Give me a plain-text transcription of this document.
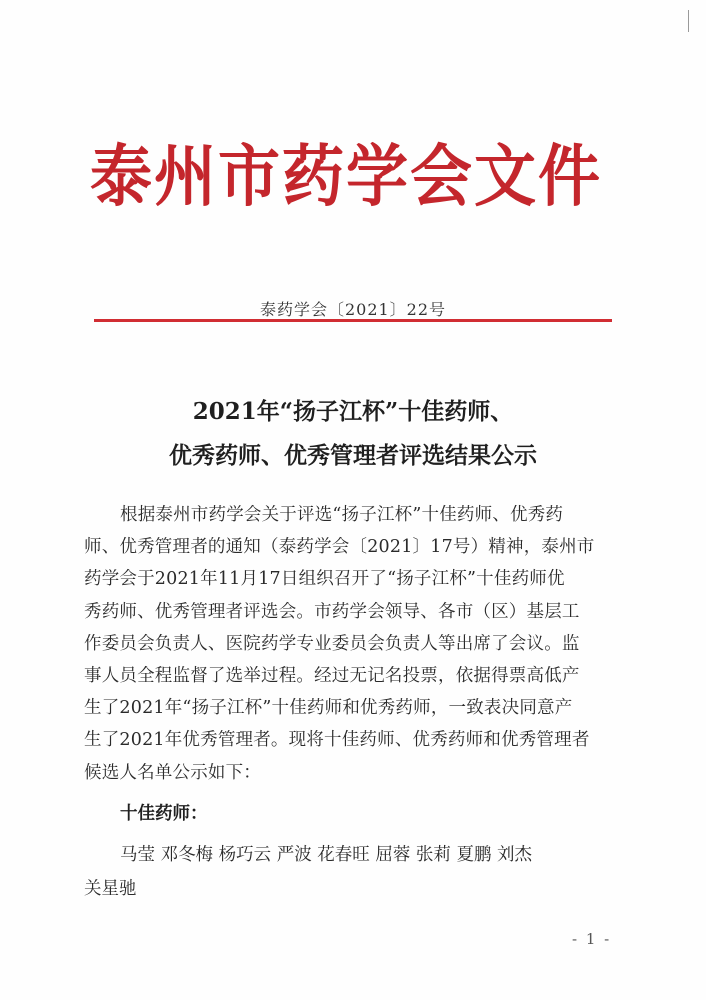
泰州市药学会文件
泰药学会〔2021〕22号
2021年“扬子江杯”十佳药师、
优秀药师、优秀管理者评选结果公示
根据泰州市药学会关于评选“扬子江杯”十佳药师、优秀药
师、优秀管理者的通知（泰药学会〔2021〕17号）精神，泰州市
药学会于2021年11月17日组织召开了“扬子江杯”十佳药师优
秀药师、优秀管理者评选会。市药学会领导、各市（区）基层工
作委员会负责人、医院药学专业委员会负责人等出席了会议。监
事人员全程监督了选举过程。经过无记名投票，依据得票高低产
生了2021年“扬子江杯”十佳药师和优秀药师，一致表决同意产
生了2021年优秀管理者。现将十佳药师、优秀药师和优秀管理者
候选人名单公示如下：
十佳药师：
马莹 邓冬梅 杨巧云 严波 花春旺 屈蓉 张莉 夏鹏 刘杰
关星驰
- 1 -
